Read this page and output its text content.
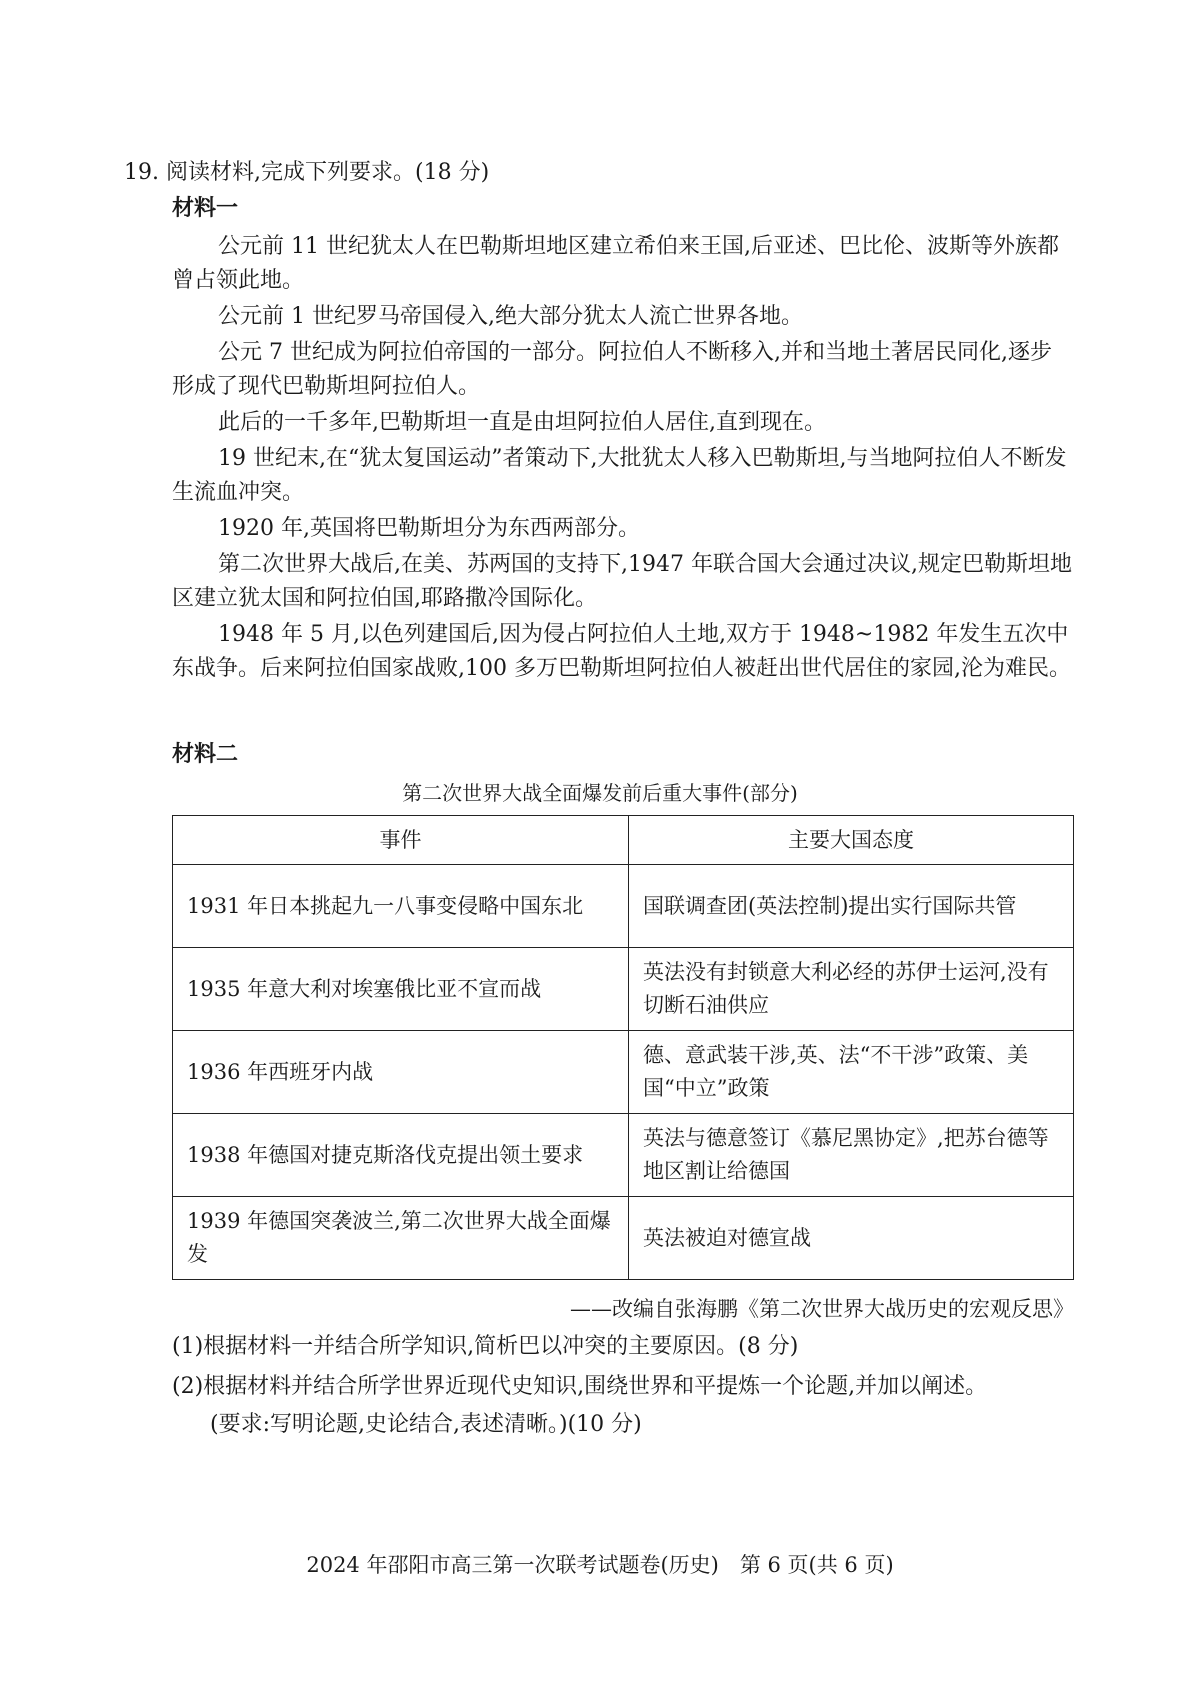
19. 阅读材料,完成下列要求。(18 分)
材料一
公元前 11 世纪犹太人在巴勒斯坦地区建立希伯来王国,后亚述、巴比伦、波斯等外族都曾占领此地。
公元前 1 世纪罗马帝国侵入,绝大部分犹太人流亡世界各地。
公元 7 世纪成为阿拉伯帝国的一部分。阿拉伯人不断移入,并和当地土著居民同化,逐步形成了现代巴勒斯坦阿拉伯人。
此后的一千多年,巴勒斯坦一直是由坦阿拉伯人居住,直到现在。
19 世纪末,在“犹太复国运动”者策动下,大批犹太人移入巴勒斯坦,与当地阿拉伯人不断发生流血冲突。
1920 年,英国将巴勒斯坦分为东西两部分。
第二次世界大战后,在美、苏两国的支持下,1947 年联合国大会通过决议,规定巴勒斯坦地区建立犹太国和阿拉伯国,耶路撒冷国际化。
1948 年 5 月,以色列建国后,因为侵占阿拉伯人土地,双方于 1948~1982 年发生五次中东战争。后来阿拉伯国家战败,100 多万巴勒斯坦阿拉伯人被赶出世代居住的家园,沦为难民。
材料二
第二次世界大战全面爆发前后重大事件(部分)
事件	主要大国态度
1931 年日本挑起九一八事变侵略中国东北	国联调查团(英法控制)提出实行国际共管
1935 年意大利对埃塞俄比亚不宣而战	英法没有封锁意大利必经的苏伊士运河,没有切断石油供应
1936 年西班牙内战	德、意武装干涉,英、法“不干涉”政策、美国“中立”政策
1938 年德国对捷克斯洛伐克提出领土要求	英法与德意签订《慕尼黑协定》,把苏台德等地区割让给德国
1939 年德国突袭波兰,第二次世界大战全面爆发	英法被迫对德宣战
——改编自张海鹏《第二次世界大战历史的宏观反思》
(1)根据材料一并结合所学知识,简析巴以冲突的主要原因。(8 分)
(2)根据材料并结合所学世界近现代史知识,围绕世界和平提炼一个论题,并加以阐述。
(要求:写明论题,史论结合,表述清晰。)(10 分)
2024 年邵阳市高三第一次联考试题卷(历史)　第 6 页(共 6 页)
